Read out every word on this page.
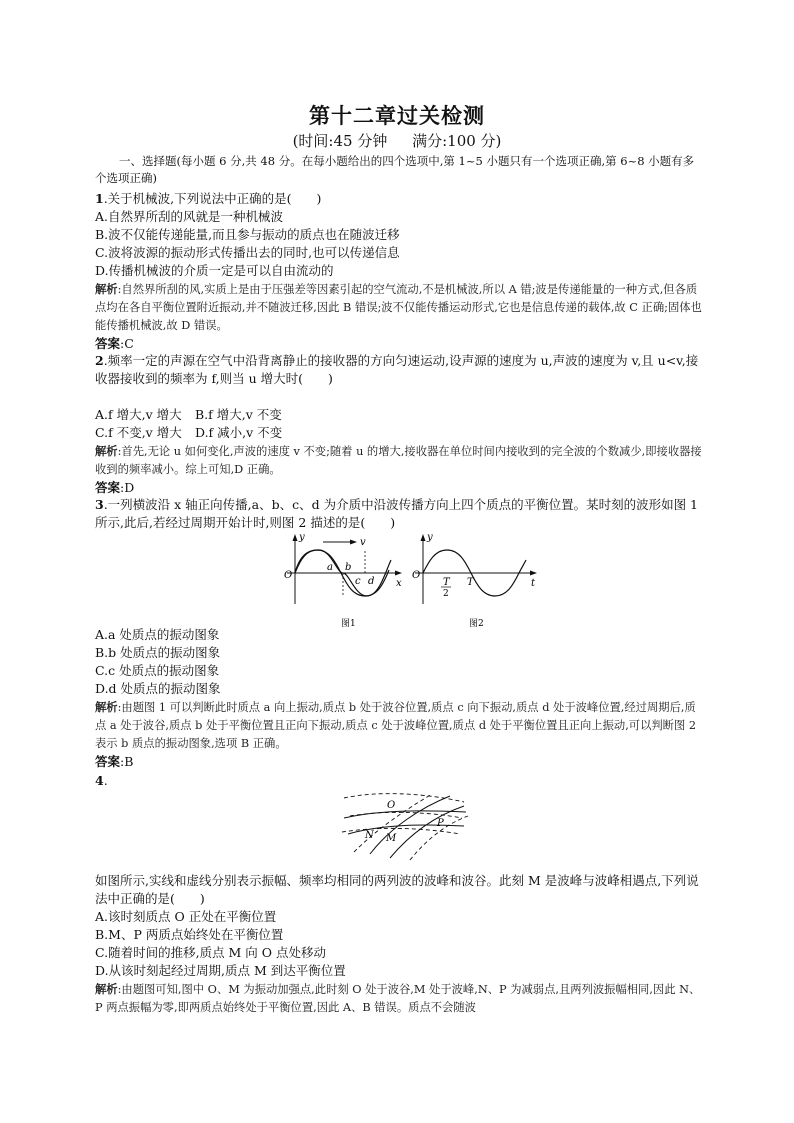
第十二章过关检测
(时间:45 分钟 满分:100 分)
一、选择题(每小题 6 分,共 48 分。在每小题给出的四个选项中,第 1~5 小题只有一个选项正确,第 6~8 小题有多个选项正确)
1.关于机械波,下列说法中正确的是(　　)
A.自然界所刮的风就是一种机械波
B.波不仅能传递能量,而且参与振动的质点也在随波迁移
C.波将波源的振动形式传播出去的同时,也可以传递信息
D.传播机械波的介质一定是可以自由流动的
解析:自然界所刮的风,实质上是由于压强差等因素引起的空气流动,不是机械波,所以 A 错;波是传递能量的一种方式,但各质点均在各自平衡位置附近振动,并不随波迁移,因此 B 错误;波不仅能传播运动形式,它也是信息传递的载体,故 C 正确;固体也能传播机械波,故 D 错误。
答案:C
2.频率一定的声源在空气中沿背离静止的接收器的方向匀速运动,设声源的速度为 u,声波的速度为 v,且 u<v,接收器接收到的频率为 f,则当 u 增大时(　　)
A.f 增大,v 增大 B.f 增大,v 不变
C.f 不变,v 增大 D.f 减小,v 不变
解析:首先,无论 u 如何变化,声波的速度 v 不变;随着 u 的增大,接收器在单位时间内接收到的完全波的个数减少,即接收器接收到的频率减小。综上可知,D 正确。
答案:D
3.一列横波沿 x 轴正向传播,a、b、c、d 为介质中沿波传播方向上四个质点的平衡位置。某时刻的波形如图 1 所示,此后,若经过周期开始计时,则图 2 描述的是(　　)
y
x
O
v
a b
c d
y
t
O
T
2
T
图1	图2
A.a 处质点的振动图象
B.b 处质点的振动图象
C.c 处质点的振动图象
D.d 处质点的振动图象
解析:由题图 1 可以判断此时质点 a 向上振动,质点 b 处于波谷位置,质点 c 向下振动,质点 d 处于波峰位置,经过周期后,质点 a 处于波谷,质点 b 处于平衡位置且正向下振动,质点 c 处于波峰位置,质点 d 处于平衡位置且正向上振动,可以判断图 2 表示 b 质点的振动图象,选项 B 正确。
答案:B
4.
O
N M
P
如图所示,实线和虚线分别表示振幅、频率均相同的两列波的波峰和波谷。此刻 M 是波峰与波峰相遇点,下列说法中正确的是(　　)
A.该时刻质点 O 正处在平衡位置
B.M、P 两质点始终处在平衡位置
C.随着时间的推移,质点 M 向 O 点处移动
D.从该时刻起经过周期,质点 M 到达平衡位置
解析:由题图可知,图中 O、M 为振动加强点,此时刻 O 处于波谷,M 处于波峰,N、P 为减弱点,且两列波振幅相同,因此 N、P 两点振幅为零,即两质点始终处于平衡位置,因此 A、B 错误。质点不会随波
